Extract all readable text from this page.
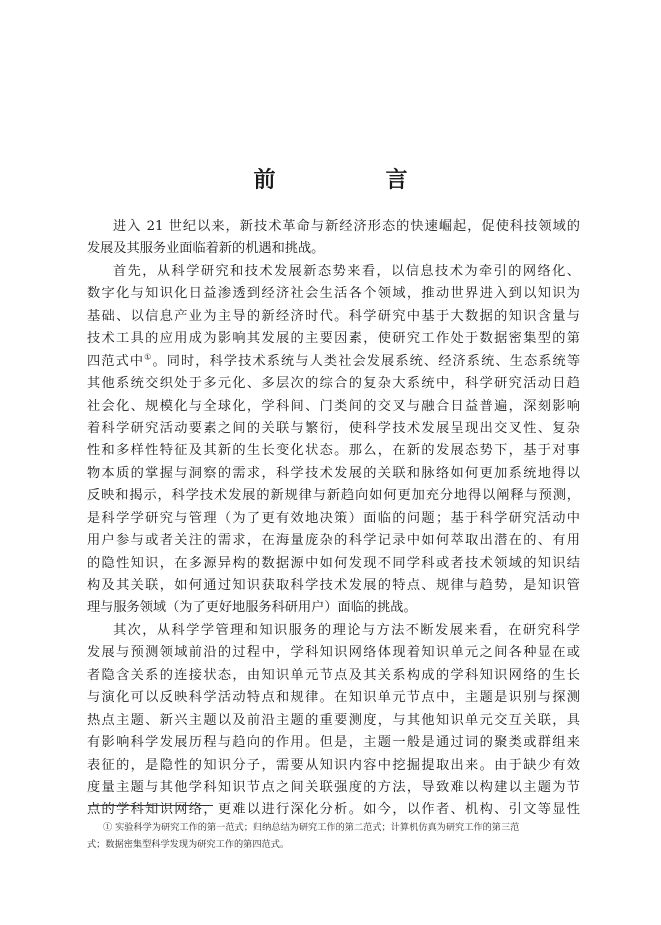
前　言
进入 21 世纪以来，新技术革命与新经济形态的快速崛起，促使科技领域的
发展及其服务业面临着新的机遇和挑战。
首先，从科学研究和技术发展新态势来看，以信息技术为牵引的网络化、
数字化与知识化日益渗透到经济社会生活各个领域，推动世界进入到以知识为
基础、以信息产业为主导的新经济时代。科学研究中基于大数据的知识含量与
技术工具的应用成为影响其发展的主要因素，使研究工作处于数据密集型的第
四范式中①。同时，科学技术系统与人类社会发展系统、经济系统、生态系统等
其他系统交织处于多元化、多层次的综合的复杂大系统中，科学研究活动日趋
社会化、规模化与全球化，学科间、门类间的交叉与融合日益普遍，深刻影响
着科学研究活动要素之间的关联与繁衍，使科学技术发展呈现出交叉性、复杂
性和多样性特征及其新的生长变化状态。那么，在新的发展态势下，基于对事
物本质的掌握与洞察的需求，科学技术发展的关联和脉络如何更加系统地得以
反映和揭示，科学技术发展的新规律与新趋向如何更加充分地得以阐释与预测，
是科学学研究与管理（为了更有效地决策）面临的问题；基于科学研究活动中
用户参与或者关注的需求，在海量庞杂的科学记录中如何萃取出潜在的、有用
的隐性知识，在多源异构的数据源中如何发现不同学科或者技术领域的知识结
构及其关联，如何通过知识获取科学技术发展的特点、规律与趋势，是知识管
理与服务领域（为了更好地服务科研用户）面临的挑战。
其次，从科学学管理和知识服务的理论与方法不断发展来看，在研究科学
发展与预测领域前沿的过程中，学科知识网络体现着知识单元之间各种显在或
者隐含关系的连接状态，由知识单元节点及其关系构成的学科知识网络的生长
与演化可以反映科学活动特点和规律。在知识单元节点中，主题是识别与探测
热点主题、新兴主题以及前沿主题的重要测度，与其他知识单元交互关联，具
有影响科学发展历程与趋向的作用。但是，主题一般是通过词的聚类或群组来
表征的，是隐性的知识分子，需要从知识内容中挖掘提取出来。由于缺少有效
度量主题与其他学科知识节点之间关联强度的方法，导致难以构建以主题为节
点的学科知识网络，更难以进行深化分析。如今，以作者、机构、引文等显性
① 实验科学为研究工作的第一范式；归纳总结为研究工作的第二范式；计算机仿真为研究工作的第三范
式；数据密集型科学发现为研究工作的第四范式。
